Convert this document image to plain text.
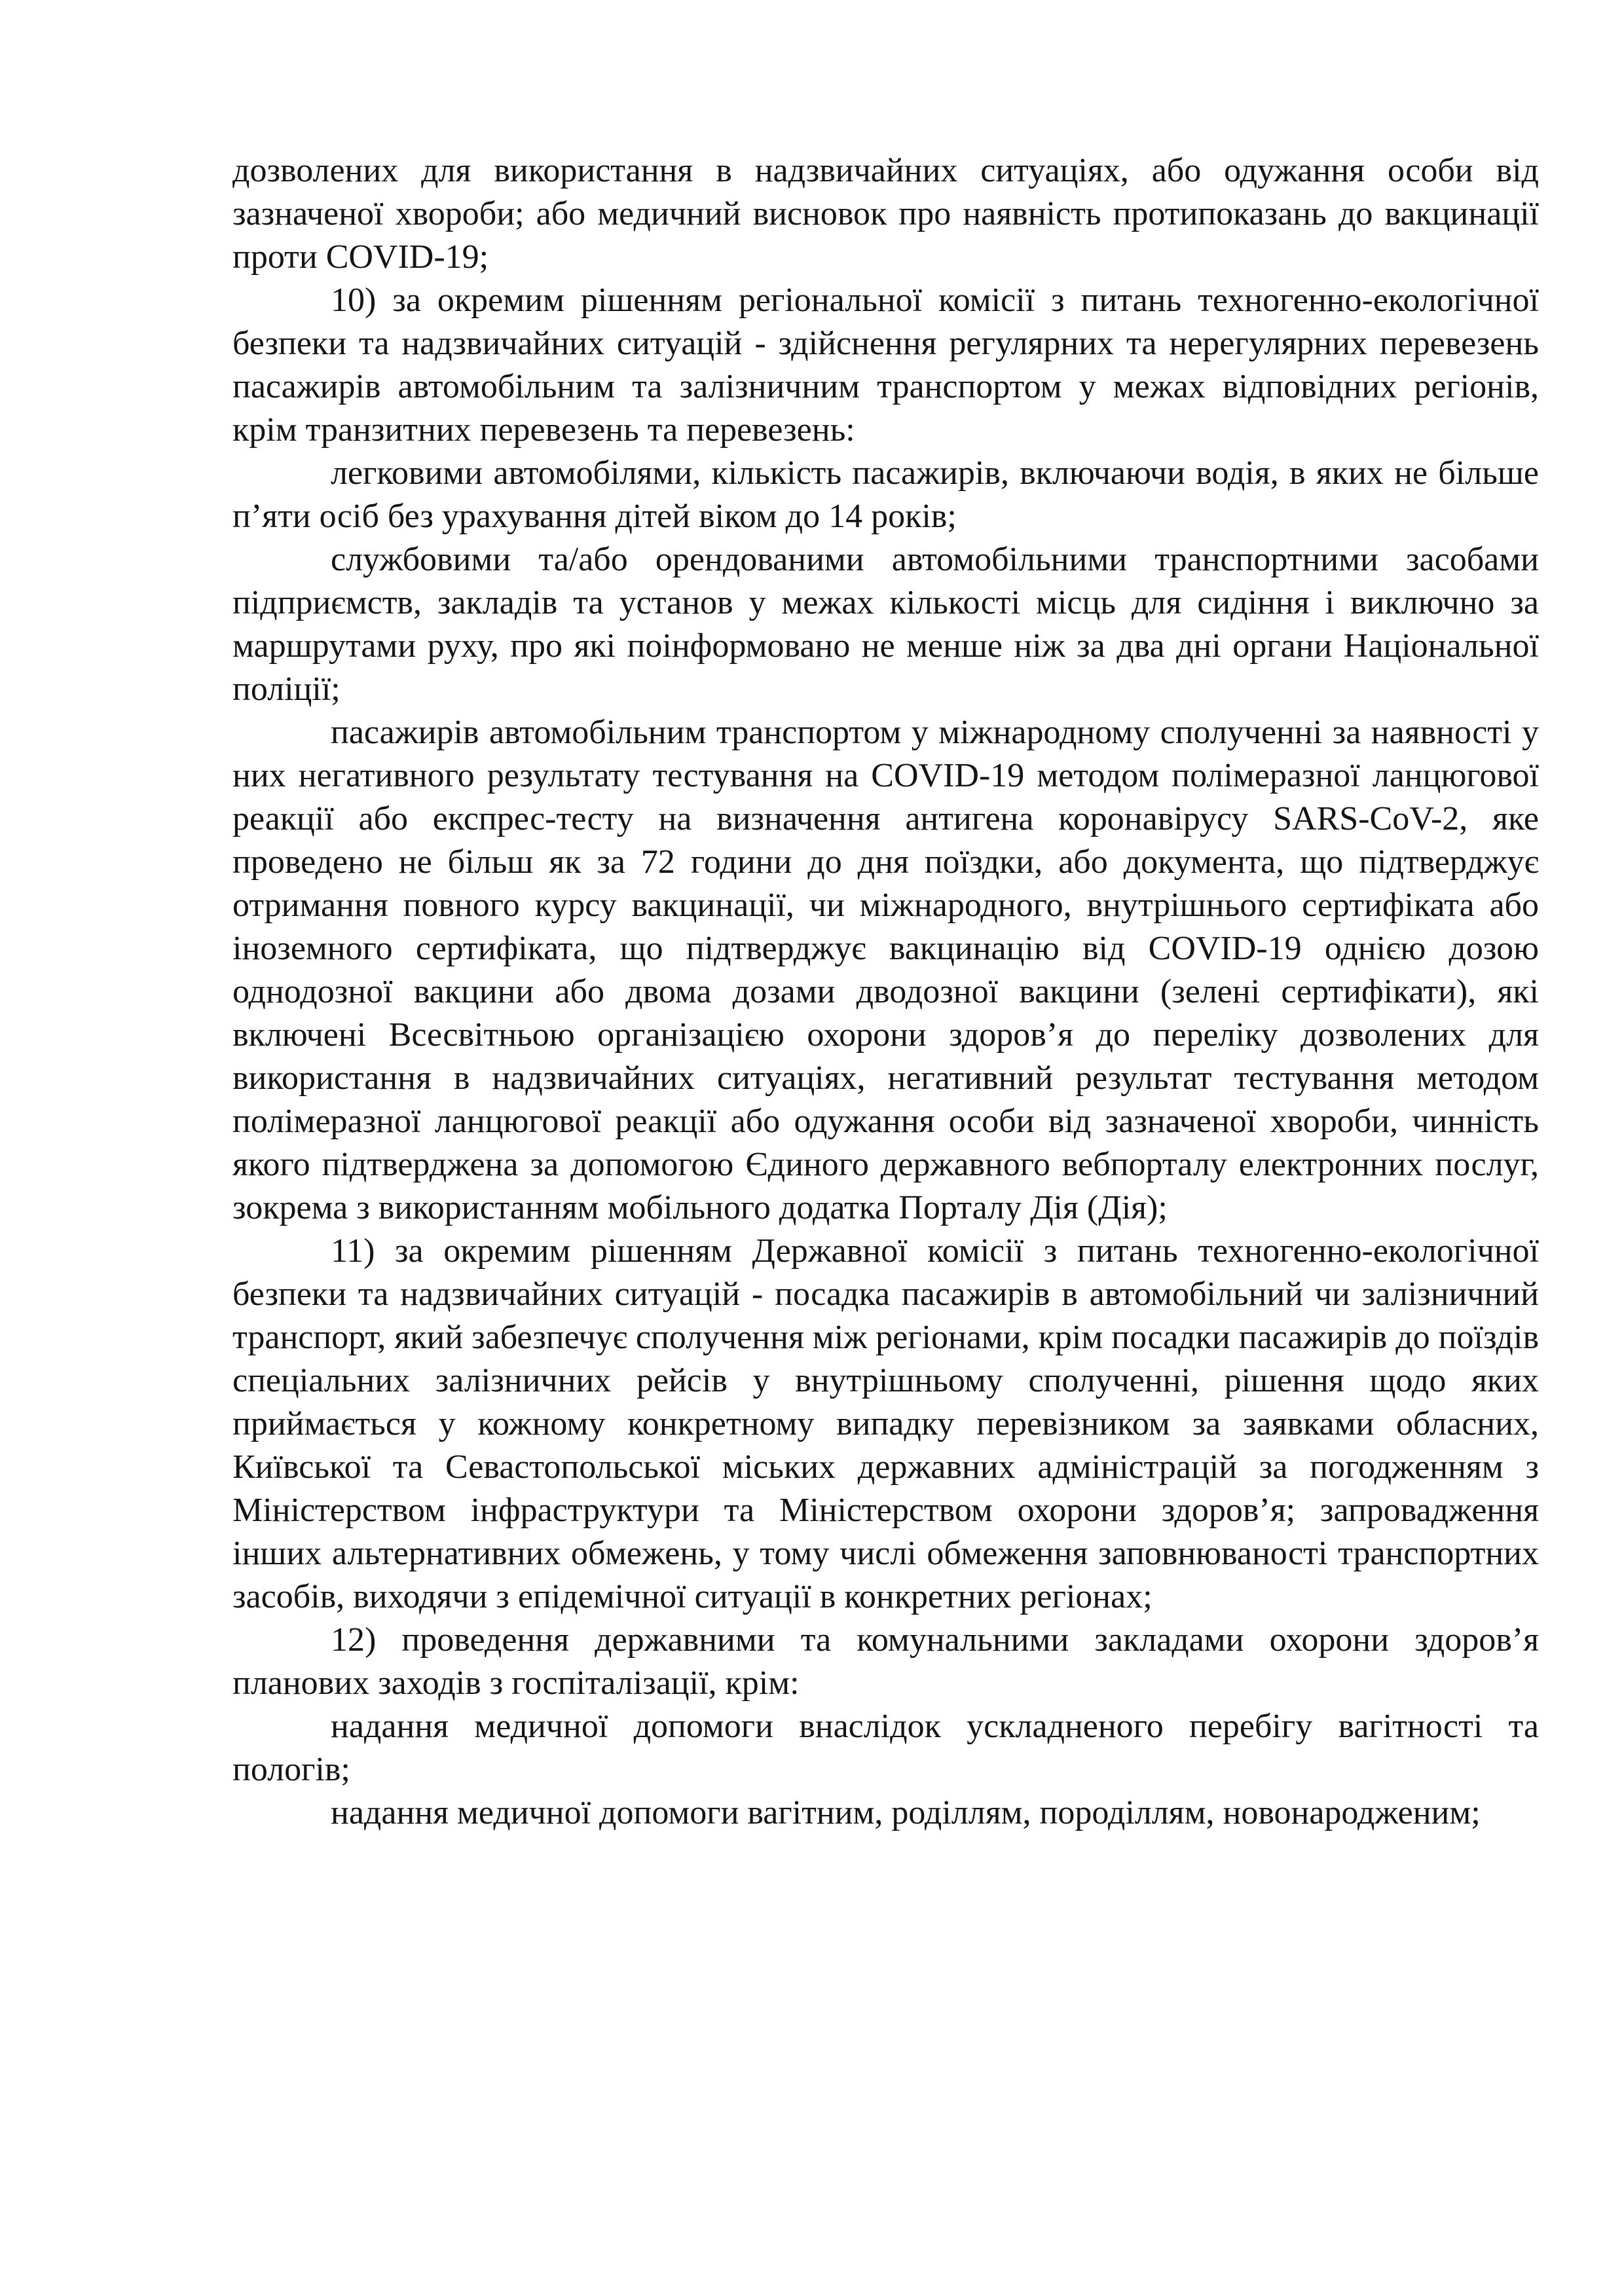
дозволених для використання в надзвичайних ситуаціях, або одужання особи від зазначеної хвороби; або медичний висновок про наявність протипоказань до вакцинації проти COVID-19;

10) за окремим рішенням регіональної комісії з питань техногенно-екологічної безпеки та надзвичайних ситуацій - здійснення регулярних та нерегулярних перевезень пасажирів автомобільним та залізничним транспортом у межах відповідних регіонів, крім транзитних перевезень та перевезень:

легковими автомобілями, кількість пасажирів, включаючи водія, в яких не більше п’яти осіб без урахування дітей віком до 14 років;

службовими та/або орендованими автомобільними транспортними засобами підприємств, закладів та установ у межах кількості місць для сидіння і виключно за маршрутами руху, про які поінформовано не менше ніж за два дні органи Національної поліції;

пасажирів автомобільним транспортом у міжнародному сполученні за наявності у них негативного результату тестування на COVID-19 методом полімеразної ланцюгової реакції або експрес-тесту на визначення антигена коронавірусу SARS-CoV-2, яке проведено не більш як за 72 години до дня поїздки, або документа, що підтверджує отримання повного курсу вакцинації, чи міжнародного, внутрішнього сертифіката або іноземного сертифіката, що підтверджує вакцинацію від COVID-19 однією дозою однодозної вакцини або двома дозами дводозної вакцини (зелені сертифікати), які включені Всесвітньою організацією охорони здоров’я до переліку дозволених для використання в надзвичайних ситуаціях, негативний результат тестування методом полімеразної ланцюгової реакції або одужання особи від зазначеної хвороби, чинність якого підтверджена за допомогою Єдиного державного вебпорталу електронних послуг, зокрема з використанням мобільного додатка Порталу Дія (Дія);

11) за окремим рішенням Державної комісії з питань техногенно-екологічної безпеки та надзвичайних ситуацій - посадка пасажирів в автомобільний чи залізничний транспорт, який забезпечує сполучення між регіонами, крім посадки пасажирів до поїздів спеціальних залізничних рейсів у внутрішньому сполученні, рішення щодо яких приймається у кожному конкретному випадку перевізником за заявками обласних, Київської та Севастопольської міських державних адміністрацій за погодженням з Міністерством інфраструктури та Міністерством охорони здоров’я; запровадження інших альтернативних обмежень, у тому числі обмеження заповнюваності транспортних засобів, виходячи з епідемічної ситуації в конкретних регіонах;

12) проведення державними та комунальними закладами охорони здоров’я планових заходів з госпіталізації, крім:

надання медичної допомоги внаслідок ускладненого перебігу вагітності та пологів;

надання медичної допомоги вагітним, роділлям, породіллям, новонародженим;
